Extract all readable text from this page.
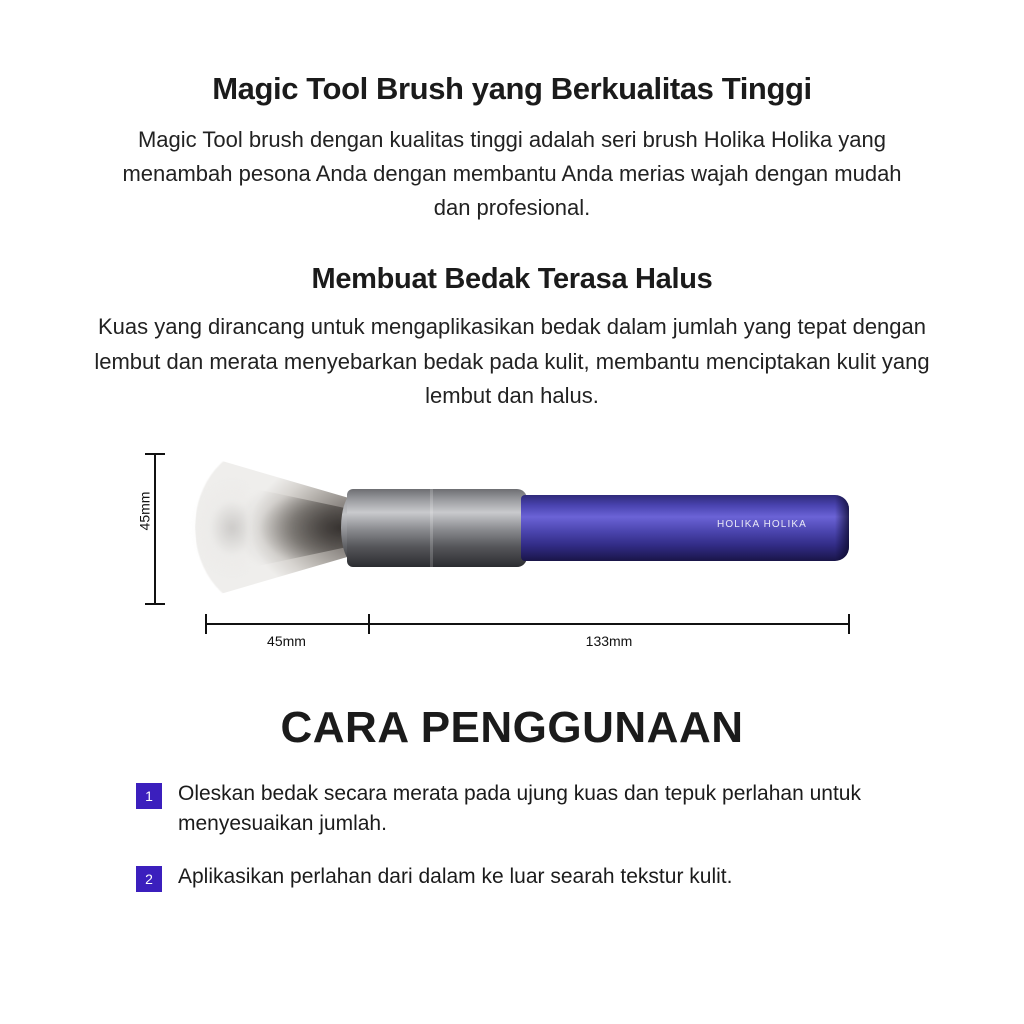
Magic Tool Brush yang Berkualitas Tinggi

Magic Tool brush dengan kualitas tinggi adalah seri brush Holika Holika yang menambah pesona Anda dengan membantu Anda merias wajah dengan mudah dan profesional.

Membuat Bedak Terasa Halus

Kuas yang dirancang untuk mengaplikasikan bedak dalam jumlah yang tepat dengan lembut dan merata menyebarkan bedak pada kulit, membantu menciptakan kulit yang lembut dan halus.

45mm	HOLIKA HOLIKA
45mm	133mm
CARA PENGGUNAAN
1	Oleskan bedak secara merata pada ujung kuas dan tepuk perlahan untuk menyesuaikan jumlah.
2	Aplikasikan perlahan dari dalam ke luar searah tekstur kulit.
